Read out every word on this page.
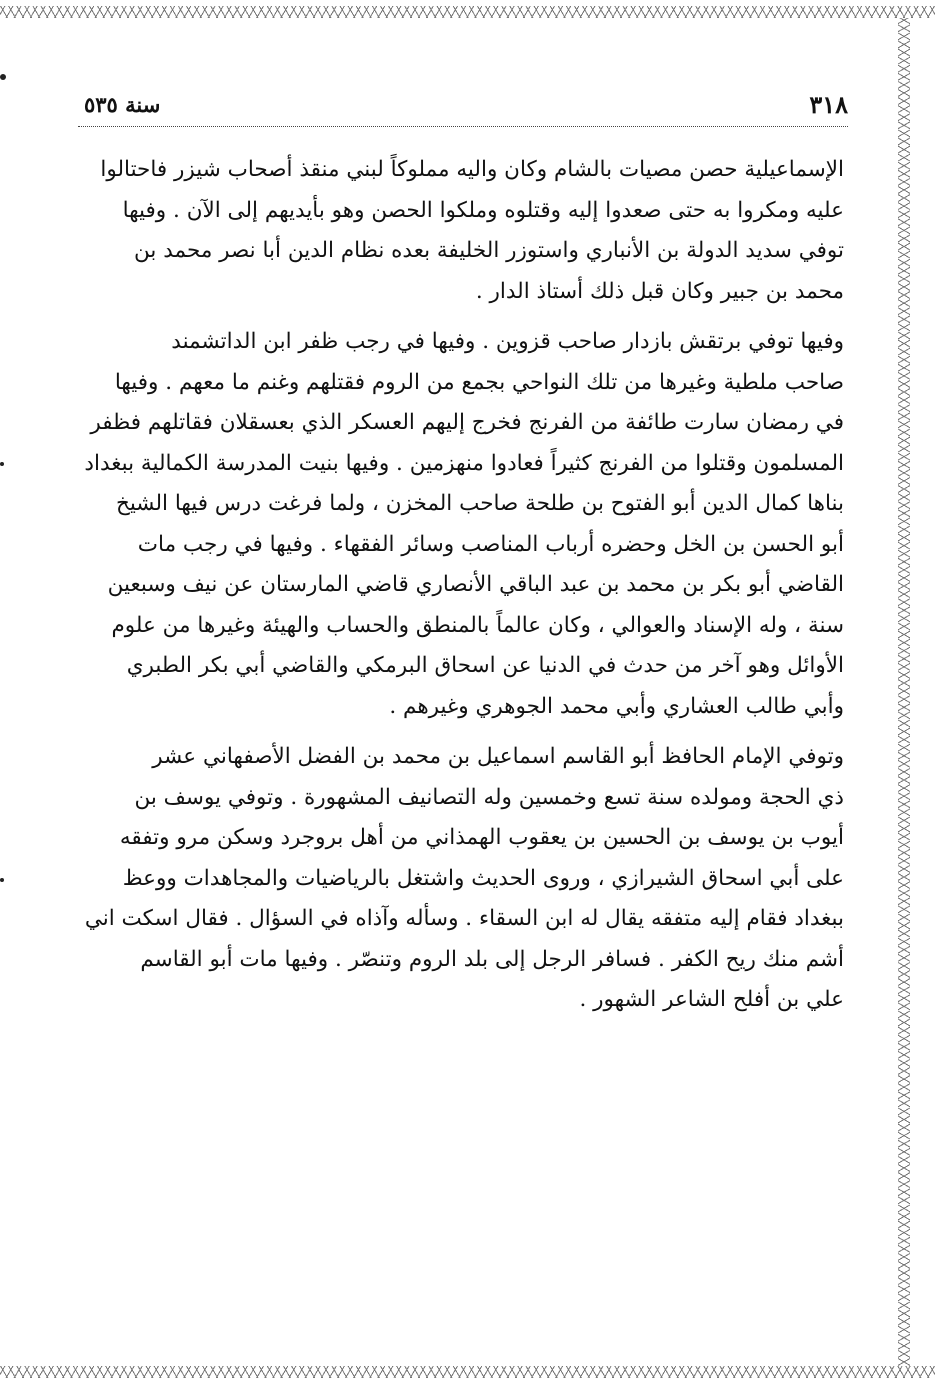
٣١٨
سنة ٥٣٥
الإسماعيلية حصن مصيات بالشام وكان واليه مملوكاً لبني منقذ أصحاب شيزر فاحتالوا
عليه ومكروا به حتى صعدوا إليه وقتلوه وملكوا الحصن وهو بأيديهم إلى الآن . وفيها
توفي سديد الدولة بن الأنباري واستوزر الخليفة بعده نظام الدين أبا نصر محمد بن
محمد بن جبير وكان قبل ذلك أستاذ الدار .
وفيها توفي برتقش بازدار صاحب قزوين . وفيها في رجب ظفر ابن الداتشمند
صاحب ملطية وغيرها من تلك النواحي بجمع من الروم فقتلهم وغنم ما معهم . وفيها
في رمضان سارت طائفة من الفرنج فخرج إليهم العسكر الذي بعسقلان فقاتلهم فظفر
المسلمون وقتلوا من الفرنج كثيراً فعادوا منهزمين . وفيها بنيت المدرسة الكمالية ببغداد
بناها كمال الدين أبو الفتوح بن طلحة صاحب المخزن ، ولما فرغت درس فيها الشيخ
أبو الحسن بن الخل وحضره أرباب المناصب وسائر الفقهاء . وفيها في رجب مات
القاضي أبو بكر بن محمد بن عبد الباقي الأنصاري قاضي المارستان عن نيف وسبعين
سنة ، وله الإسناد والعوالي ، وكان عالماً بالمنطق والحساب والهيئة وغيرها من علوم
الأوائل وهو آخر من حدث في الدنيا عن اسحاق البرمكي والقاضي أبي بكر الطبري
وأبي طالب العشاري وأبي محمد الجوهري وغيرهم .
وتوفي الإمام الحافظ أبو القاسم اسماعيل بن محمد بن الفضل الأصفهاني عشر
ذي الحجة ومولده سنة تسع وخمسين وله التصانيف المشهورة . وتوفي يوسف بن
أيوب بن يوسف بن الحسين بن يعقوب الهمذاني من أهل بروجرد وسكن مرو وتفقه
على أبي اسحاق الشيرازي ، وروى الحديث واشتغل بالرياضيات والمجاهدات ووعظ
ببغداد فقام إليه متفقه يقال له ابن السقاء . وسأله وآذاه في السؤال . فقال اسكت اني
أشم منك ريح الكفر . فسافر الرجل إلى بلد الروم وتنصّر . وفيها مات أبو القاسم
علي بن أفلح الشاعر الشهور .
